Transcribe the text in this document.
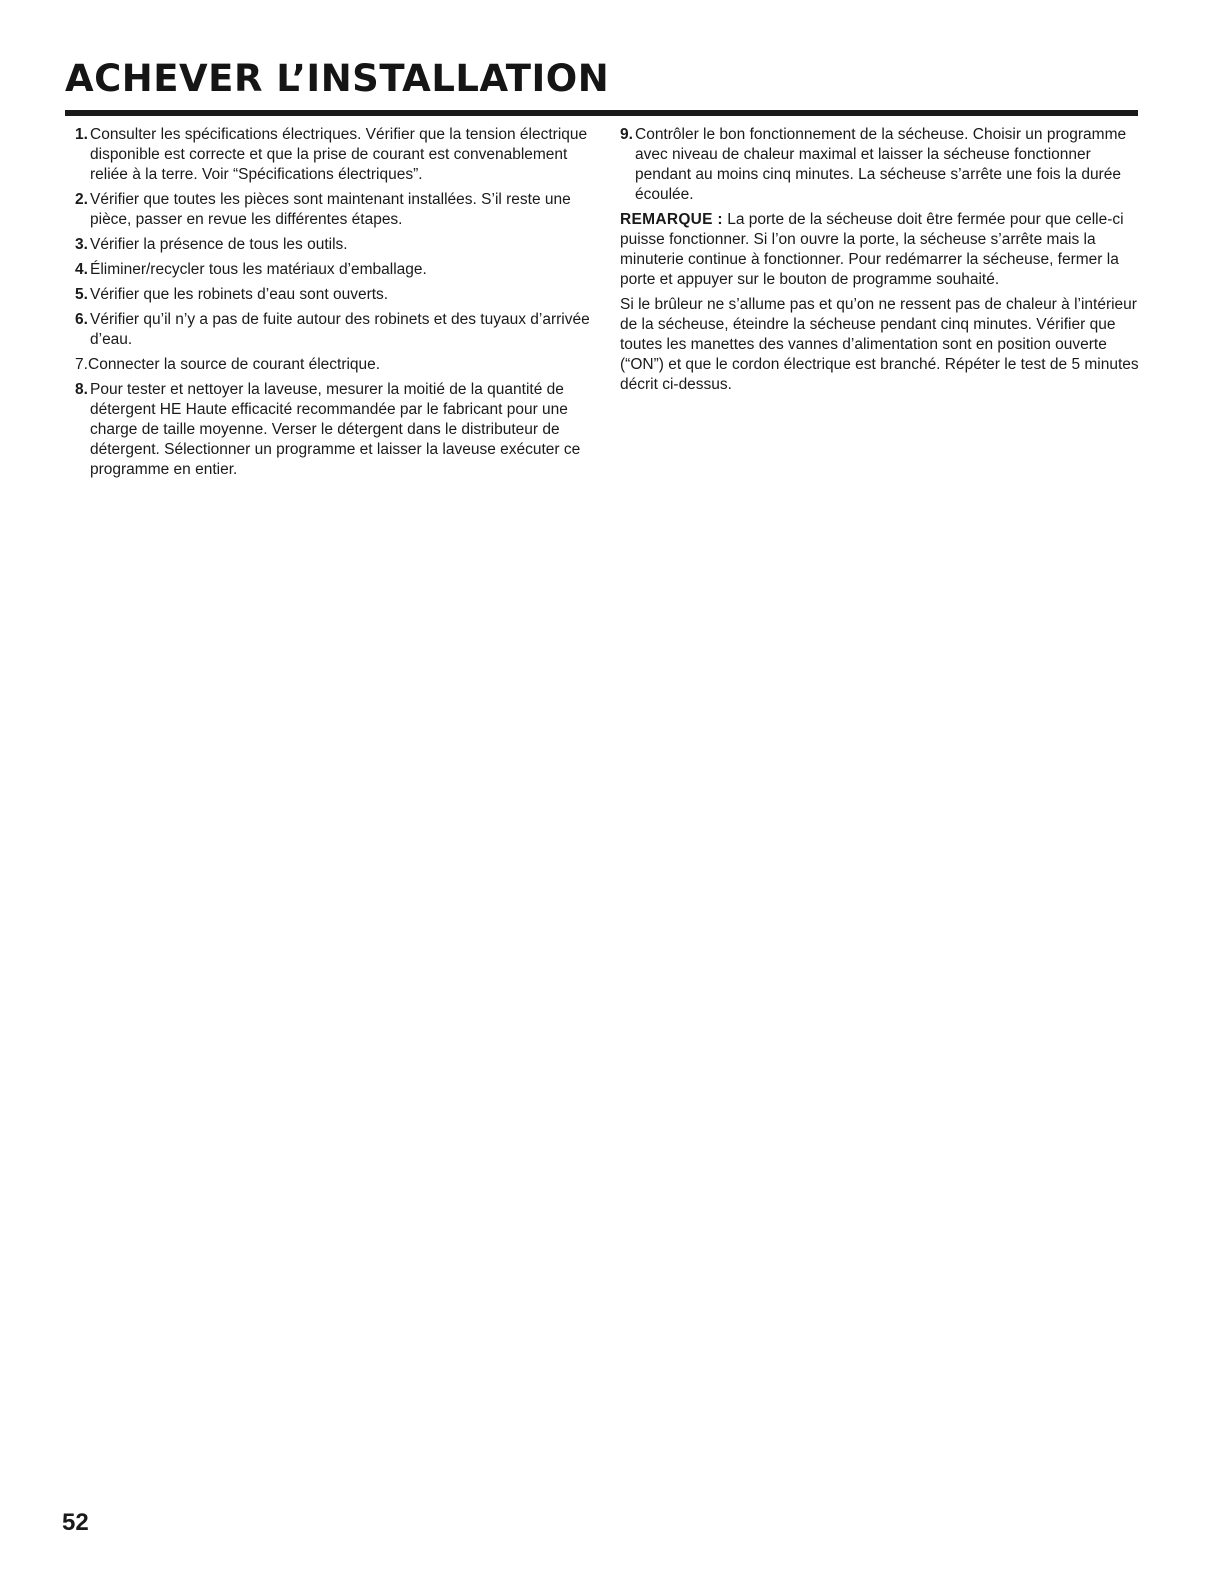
ACHEVER L’INSTALLATION
1. Consulter les spécifications électriques. Vérifier que la tension électrique disponible est correcte et que la prise de courant est convenablement reliée à la terre. Voir “Spécifications électriques”.
2. Vérifier que toutes les pièces sont maintenant installées. S’il reste une pièce, passer en revue les différentes étapes.
3. Vérifier la présence de tous les outils.
4. Éliminer/recycler tous les matériaux d’emballage.
5. Vérifier que les robinets d’eau sont ouverts.
6. Vérifier qu’il n’y a pas de fuite autour des robinets et des tuyaux d’arrivée d’eau.
7. Connecter la source de courant électrique.
8. Pour tester et nettoyer la laveuse, mesurer la moitié de la quantité de détergent HE Haute efficacité recommandée par le fabricant pour une charge de taille moyenne. Verser le détergent dans le distributeur de détergent. Sélectionner un programme et laisser la laveuse exécuter ce programme en entier.
9. Contrôler le bon fonctionnement de la sécheuse. Choisir un programme avec niveau de chaleur maximal et laisser la sécheuse fonctionner pendant au moins cinq minutes. La sécheuse s’arrête une fois la durée écoulée.

REMARQUE : La porte de la sécheuse doit être fermée pour que celle-ci puisse fonctionner. Si l’on ouvre la porte, la sécheuse s’arrête mais la minuterie continue à fonctionner. Pour redémarrer la sécheuse, fermer la porte et appuyer sur le bouton de programme souhaité.

Si le brûleur ne s’allume pas et qu’on ne ressent pas de chaleur à l’intérieur de la sécheuse, éteindre la sécheuse pendant cinq minutes. Vérifier que toutes les manettes des vannes d’alimentation sont en position ouverte (“ON”) et que le cordon électrique est branché. Répéter le test de 5 minutes décrit ci-dessus.

52
